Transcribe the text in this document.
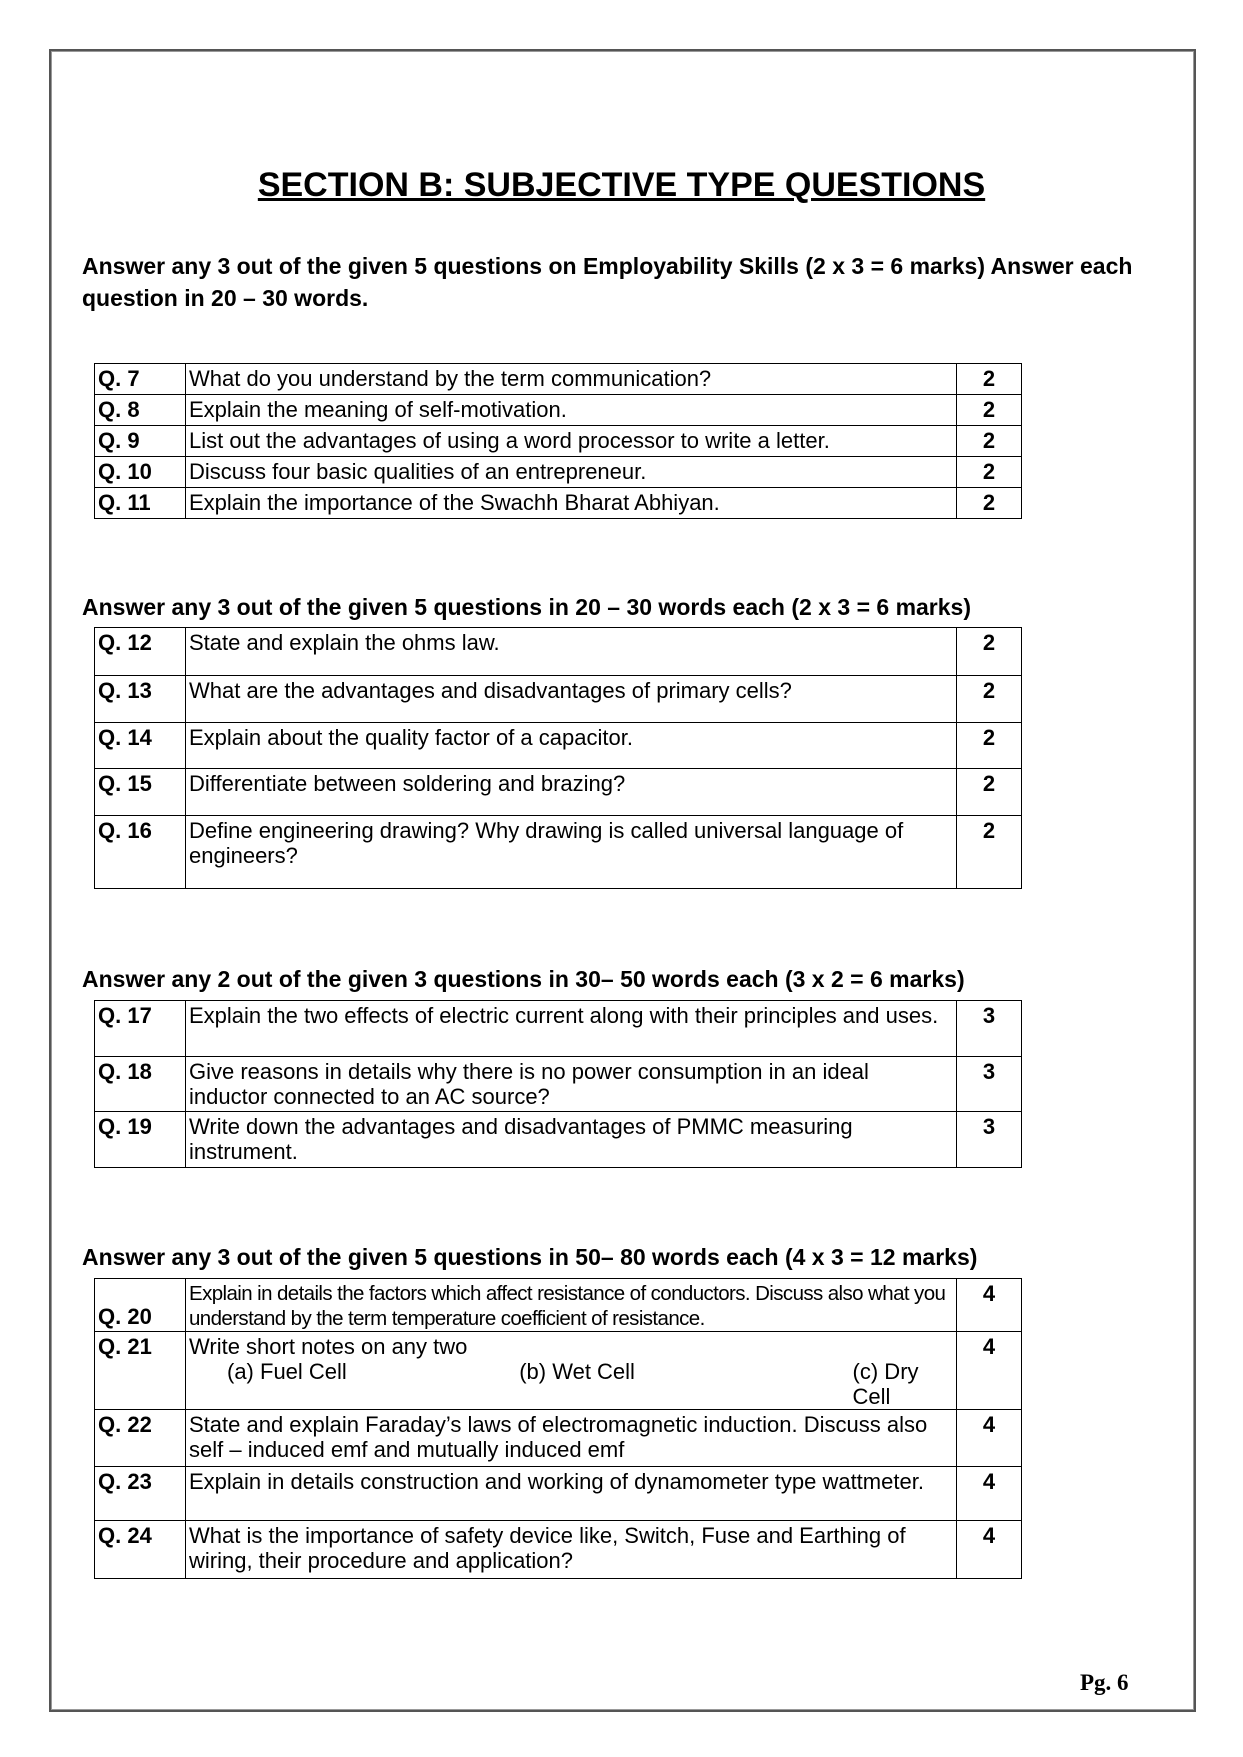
SECTION B: SUBJECTIVE TYPE QUESTIONS
Answer any 3 out of the given 5 questions on Employability Skills (2 x 3 = 6 marks) Answer each question in 20 – 30 words.
Q. 7	What do you understand by the term communication?	2
Q. 8	Explain the meaning of self-motivation.	2
Q. 9	List out the advantages of using a word processor to write a letter.	2
Q. 10	Discuss four basic qualities of an entrepreneur.	2
Q. 11	Explain the importance of the Swachh Bharat Abhiyan.	2
Answer any 3 out of the given 5 questions in 20 – 30 words each (2 x 3 = 6 marks)
Q. 12	State and explain the ohms law.	2
Q. 13	What are the advantages and disadvantages of primary cells?	2
Q. 14	Explain about the quality factor of a capacitor.	2
Q. 15	Differentiate between soldering and brazing?	2
Q. 16	Define engineering drawing? Why drawing is called universal language of engineers?	2
Answer any 2 out of the given 3 questions in 30– 50 words each (3 x 2 = 6 marks)
Q. 17	Explain the two effects of electric current along with their principles and uses.	3
Q. 18	Give reasons in details why there is no power consumption in an ideal inductor connected to an AC source?	3
Q. 19	Write down the advantages and disadvantages of PMMC measuring instrument.	3
Answer any 3 out of the given 5 questions in 50– 80 words each (4 x 3 = 12 marks)
Q. 20	Explain in details the factors which affect resistance of conductors. Discuss also what you understand by the term temperature coefficient of resistance.	4
Q. 21	Write short notes on any two
(a) Fuel Cell (b) Wet Cell (c) Dry Cell	4
Q. 22	State and explain Faraday’s laws of electromagnetic induction. Discuss also self – induced emf and mutually induced emf	4
Q. 23	Explain in details construction and working of dynamometer type wattmeter.	4
Q. 24	What is the importance of safety device like, Switch, Fuse and Earthing of wiring, their procedure and application?	4
Pg. 6
